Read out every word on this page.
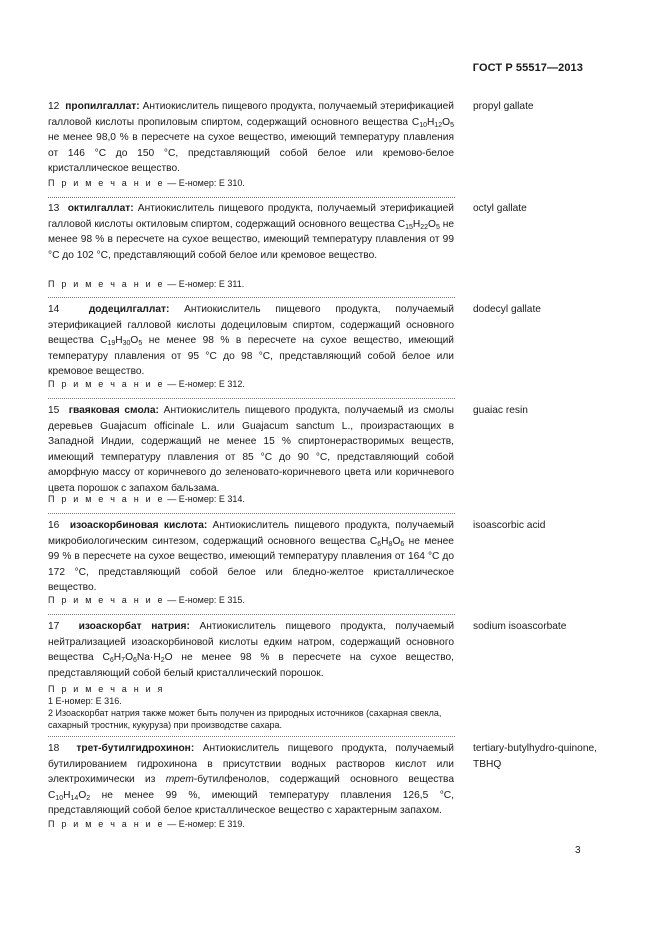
ГОСТ Р 55517—2013
12 пропилгаллат: Антиокислитель пищевого продукта, получаемый этерификацией галловой кислоты пропиловым спиртом, содержащий основного вещества $C_{10}H_{12}O_5$ не менее 98,0 % в пересчете на сухое вещество, имеющий температуру плавления от 146 °С до 150 °С, представляющий собой белое или кремово-белое кристаллическое вещество.
propyl gallate
П р и м е ч а н и е — Е-номер: Е 310.
13 октилгаллат: Антиокислитель пищевого продукта, получаемый этерификацией галловой кислоты октиловым спиртом, содержащий основного вещества $C_{15}H_{22}O_5$ не менее 98 % в пересчете на сухое вещество, имеющий температуру плавления от 99 °С до 102 °С, представляющий собой белое или кремовое вещество.
octyl gallate
П р и м е ч а н и е — Е-номер: Е 311.
14	додецилгаллат: Антиокислитель пищевого продукта, получаемый этерификацией галловой кислоты додециловым спиртом, содержащий основного вещества $C_{19}H_{30}O_5$ не менее 98 % в пересчете на сухое вещество, имеющий температуру плавления от 95 °С до 98 °С, представляющий собой белое или кремовое вещество.
dodecyl gallate
П р и м е ч а н и е — Е-номер: Е 312.
15 гваяковая смола: Антиокислитель пищевого продукта, получаемый из смолы деревьев Guajacum officinale L. или Guajacum sanctum L., произрастающих в Западной Индии, содержащий не менее 15 % спиртонерастворимых веществ, имеющий температуру плавления от 85 °С до 90 °С, представляющий собой аморфную массу от коричневого до зеленовато-коричневого цвета или коричневого цвета порошок с запахом бальзама.
guaiac resin
П р и м е ч а н и е — Е-номер: Е 314.
16 изоаскорбиновая кислота: Антиокислитель пищевого продукта, получаемый микробиологическим синтезом, содержащий основного вещества $C_6H_8O_6$ не менее 99 % в пересчете на сухое вещество, имеющий температуру плавления от 164 °С до 172 °С, представляющий собой белое или бледно-желтое кристаллическое вещество.
isoascorbic acid
П р и м е ч а н и е — Е-номер: Е 315.
17 изоаскорбат натрия: Антиокислитель пищевого продукта, получаемый нейтрализацией изоаскорбиновой кислоты едким натром, содержащий основного вещества $C_6H_7O_6Na\cdot H_2O$ не менее 98 % в пересчете на сухое вещество, представляющий собой белый кристаллический порошок.
sodium isoascorbate
П р и м е ч а н и я
1 Е-номер: Е 316.
2 Изоаскорбат натрия также может быть получен из природных источников (сахарная свекла, сахарный тростник, кукуруза) при производстве сахара.
18 трет-бутилгидрохинон: Антиокислитель пищевого продукта, получаемый бутилированием гидрохинона в присутствии водных растворов кислот или электрохимически из трет-бутилфенолов, содержащий основного вещества $C_{10}H_{14}O_2$ не менее 99 %, имеющий температуру плавления 126,5 °С, представляющий собой белое кристаллическое вещество с характерным запахом.
tertiary-butylhydro-quinone, TBHQ
П р и м е ч а н и е — Е-номер: Е 319.
3
